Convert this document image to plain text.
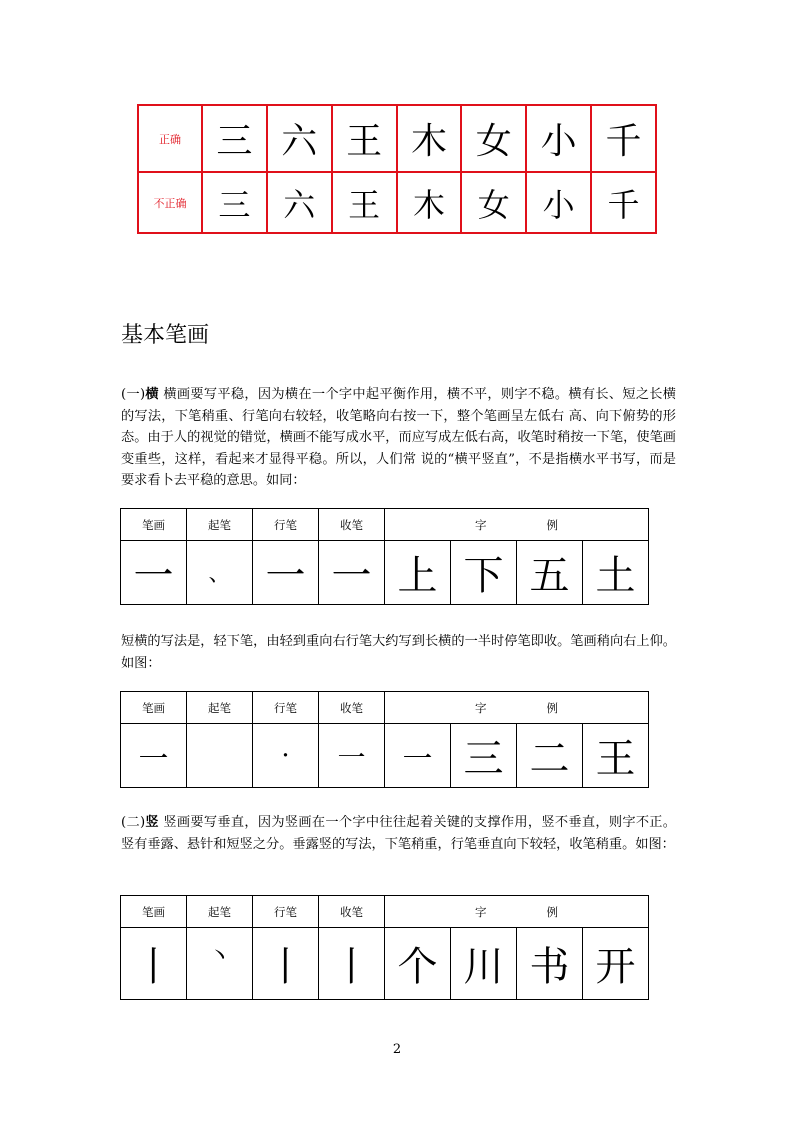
正确	三	六	王	木	女	小	千
不正确	三	六	王	木	女	小	千
基本笔画

(一)横 横画要写平稳，因为横在一个字中起平衡作用，横不平，则字不稳。横有长、短之长横的写法，下笔稍重、行笔向右较轻，收笔略向右按一下，整个笔画呈左低右 高、向下俯势的形态。由于人的视觉的错觉，横画不能写成水平，而应写成左低右高，收笔时稍按一下笔，使笔画变重些，这样，看起来才显得平稳。所以，人们常 说的“横平竖直”，不是指横水平书写，而是要求看卜去平稳的意思。如同：

笔画	起笔	行笔	收笔	字 例			
一	、	一	一	上	下	五	土

短横的写法是，轻下笔，由轻到重向右行笔大约写到长横的一半时停笔即收。笔画稍向右上仰。如图：

笔画	起笔	行笔	收笔	字 例			
一		·	一	一	三	二	王

(二)竖 竖画要写垂直，因为竖画在一个字中往往起着关键的支撑作用，竖不垂直，则字不正。竖有垂露、悬针和短竖之分。垂露竖的写法，下笔稍重，行笔垂直向下较轻，收笔稍重。如图：

笔画	起笔	行笔	收笔	字 例			
丨	丶	丨	丨	个	川	书	开
2
